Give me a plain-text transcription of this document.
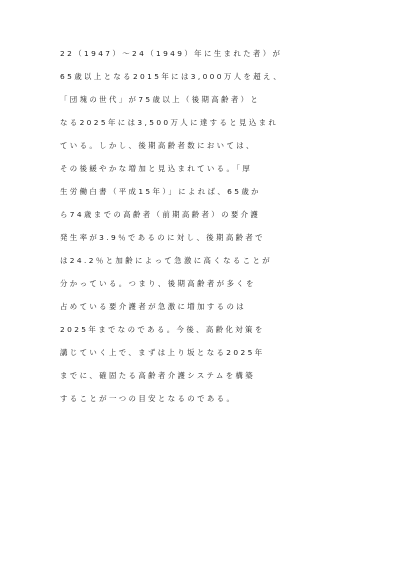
22（1947）～24（1949）年に生まれた者）が
65歳以上となる2015年には3,000万人を超え、
「団塊の世代」が75歳以上（後期高齢者）と
なる2025年には3,500万人に達すると見込まれ
ている。しかし、後期高齢者数においては、
その後緩やかな増加と見込まれている。「厚
生労働白書（平成15年）」によれば、65歳か
ら74歳までの高齢者（前期高齢者）の要介護
発生率が3.9％であるのに対し、後期高齢者で
は24.2％と加齢によって急激に高くなることが
分かっている。つまり、後期高齢者が多くを
占めている要介護者が急激に増加するのは
2025年までなのである。今後、高齢化対策を
講じていく上で、まずは上り坂となる2025年
までに、確固たる高齢者介護システムを構築
することが一つの目安となるのである。
